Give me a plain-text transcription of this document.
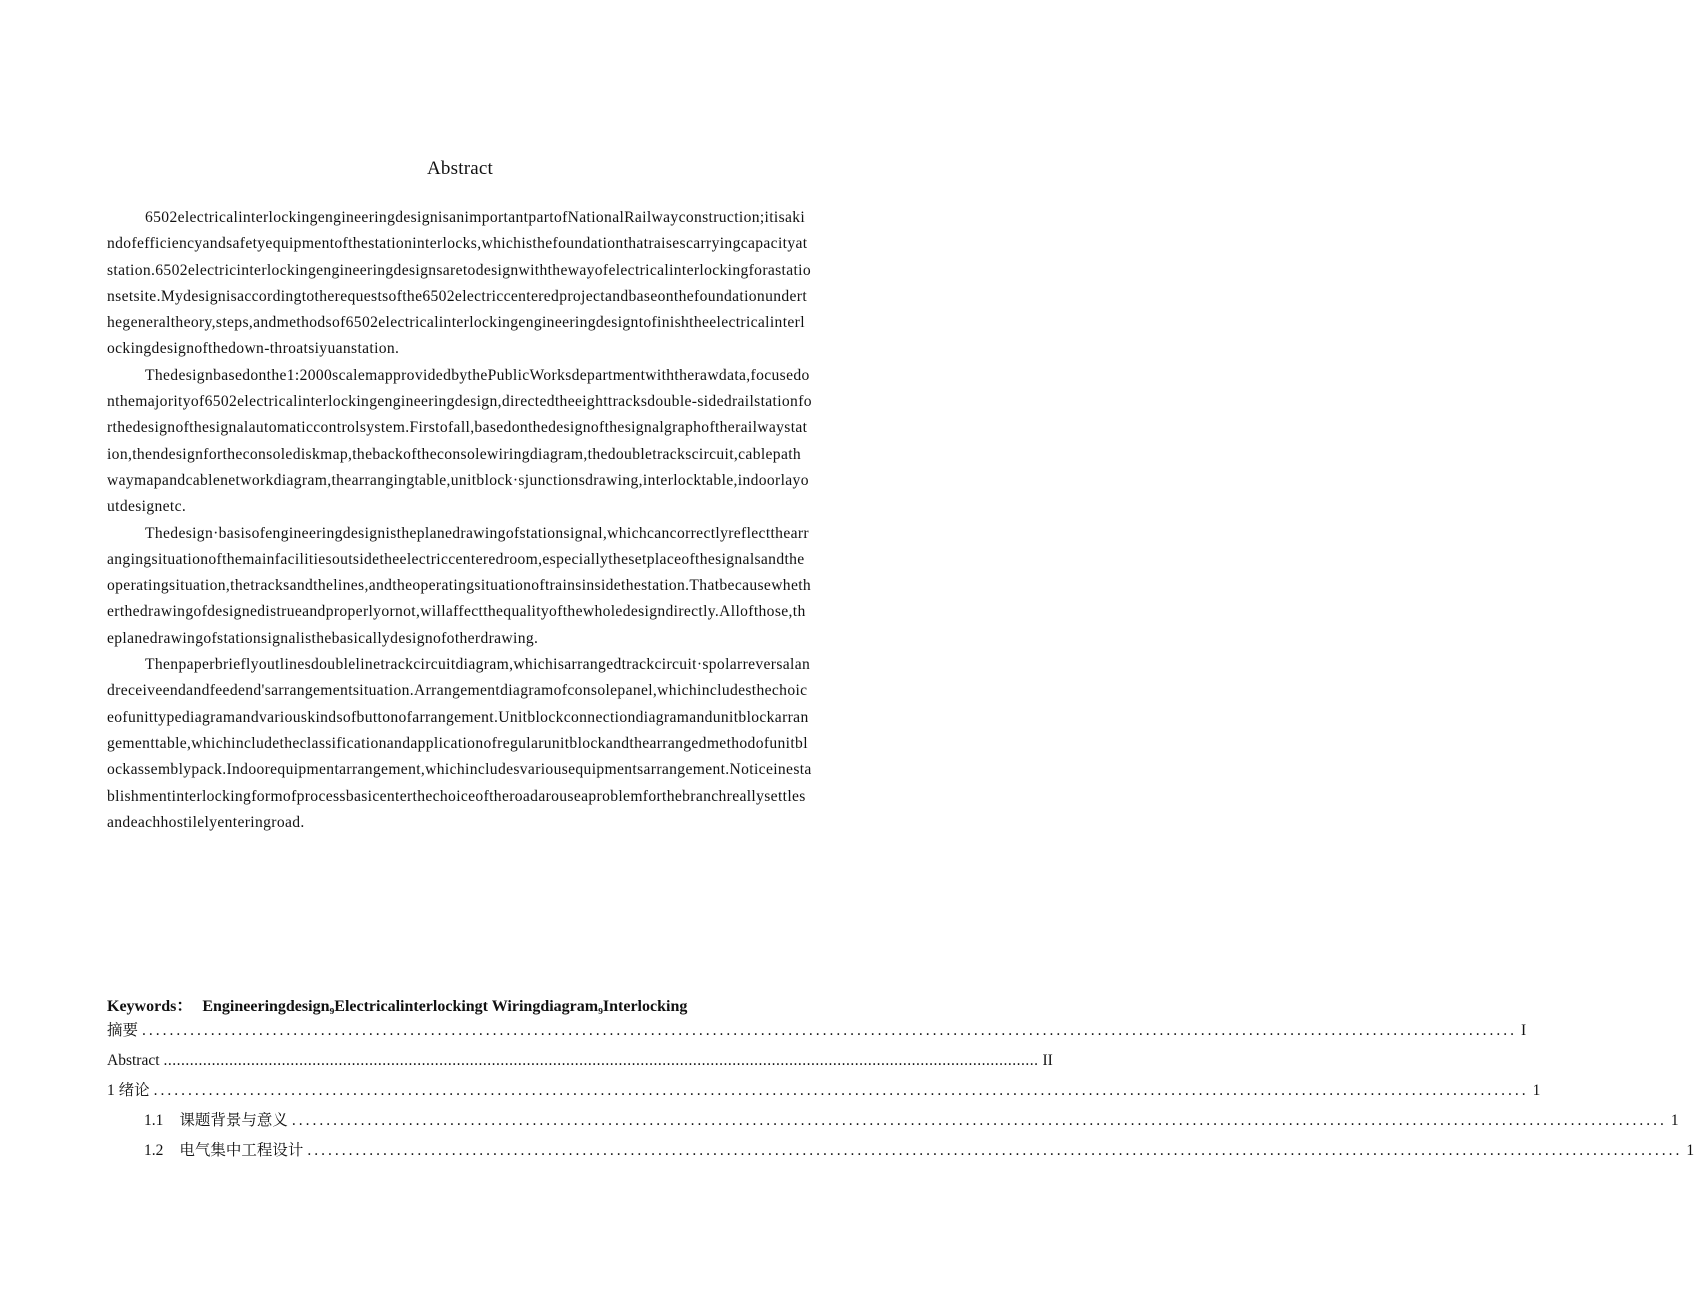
Abstract

6502electricalinterlockingengineeringdesignisanimportantpartofNationalRailwayconstruction;itisakindofefficiencyandsafetyequipmentofthestationinterlocks,whichisthefoundationthatraisescarryingcapacityatstation.6502electricinterlockingengineeringdesignsaretodesignwiththewayofelectricalinterlockingforastationsetsite.Mydesignisaccordingtotherequestsofthe6502electriccenteredprojectandbaseonthefoundationunderthegeneraltheory,steps,andmethodsof6502electricalinterlockingengineeringdesigntofinishtheelectricalinterlockingdesignofthedown-throatsiyuanstation.

Thedesignbasedonthe1:2000scalemapprovidedbythePublicWorksdepartmentwiththerawdata,focusedonthemajorityof6502electricalinterlockingengineeringdesign,directedtheeighttracksdouble-sidedrailstationforthedesignofthesignalautomaticcontrolsystem.Firstofall,basedonthedesignofthesignalgraphoftherailwaystation,thendesignfortheconsolediskmap,thebackoftheconsolewiringdiagram,thedoubletrackscircuit,cablepathwaymapandcablenetworkdiagram,thearrangingtable,unitblock·sjunctionsdrawing,interlocktable,indoorlayoutdesignetc.

Thedesign·basisofengineeringdesignistheplanedrawingofstationsignal,whichcancorrectlyreflectthearrangingsituationofthemainfacilitiesoutsidetheelectriccenteredroom,especiallythesetplaceofthesignalsandtheoperatingsituation,thetracksandthelines,andtheoperatingsituationoftrainsinsidethestation.Thatbecausewhetherthedrawingofdesignedistrueandproperlyornot,willaffectthequalityofthewholedesigndirectly.Allofthose,theplanedrawingofstationsignalisthebasicallydesignofotherdrawing.

Thenpaperbrieflyoutlinesdoublelinetrackcircuitdiagram,whichisarrangedtrackcircuit·spolarreversalandreceiveendandfeedend'sarrangementsituation.Arrangementdiagramofconsolepanel,whichincludesthechoiceofunittypediagramandvariouskindsofbuttonofarrangement.Unitblockconnectiondiagramandunitblockarrangementtable,whichincludetheclassificationandapplicationofregularunitblockandthearrangedmethodofunitblockassemblypack.Indoorequipmentarrangement,whichincludesvariousequipmentsarrangement.Noticeinestablishmentinterlockingformofprocessbasicenterthechoiceoftheroadarouseaproblemforthebranchreallysettlesandeachhostilelyenteringroad.

Keywords： Engineeringdesign₉Electricalinterlockingt Wiringdiagram₉Interlocking
摘要 ........................................................................................................................................................................................................ I
Abstract ........................................................................................................................................................................................................ II
1 绪论 ........................................................................................................................................................................................................ 1
1.1 课题背景与意义 ........................................................................................................................................................................................................ 1
1.2 电气集中工程设计 ........................................................................................................................................................................................................ 1
